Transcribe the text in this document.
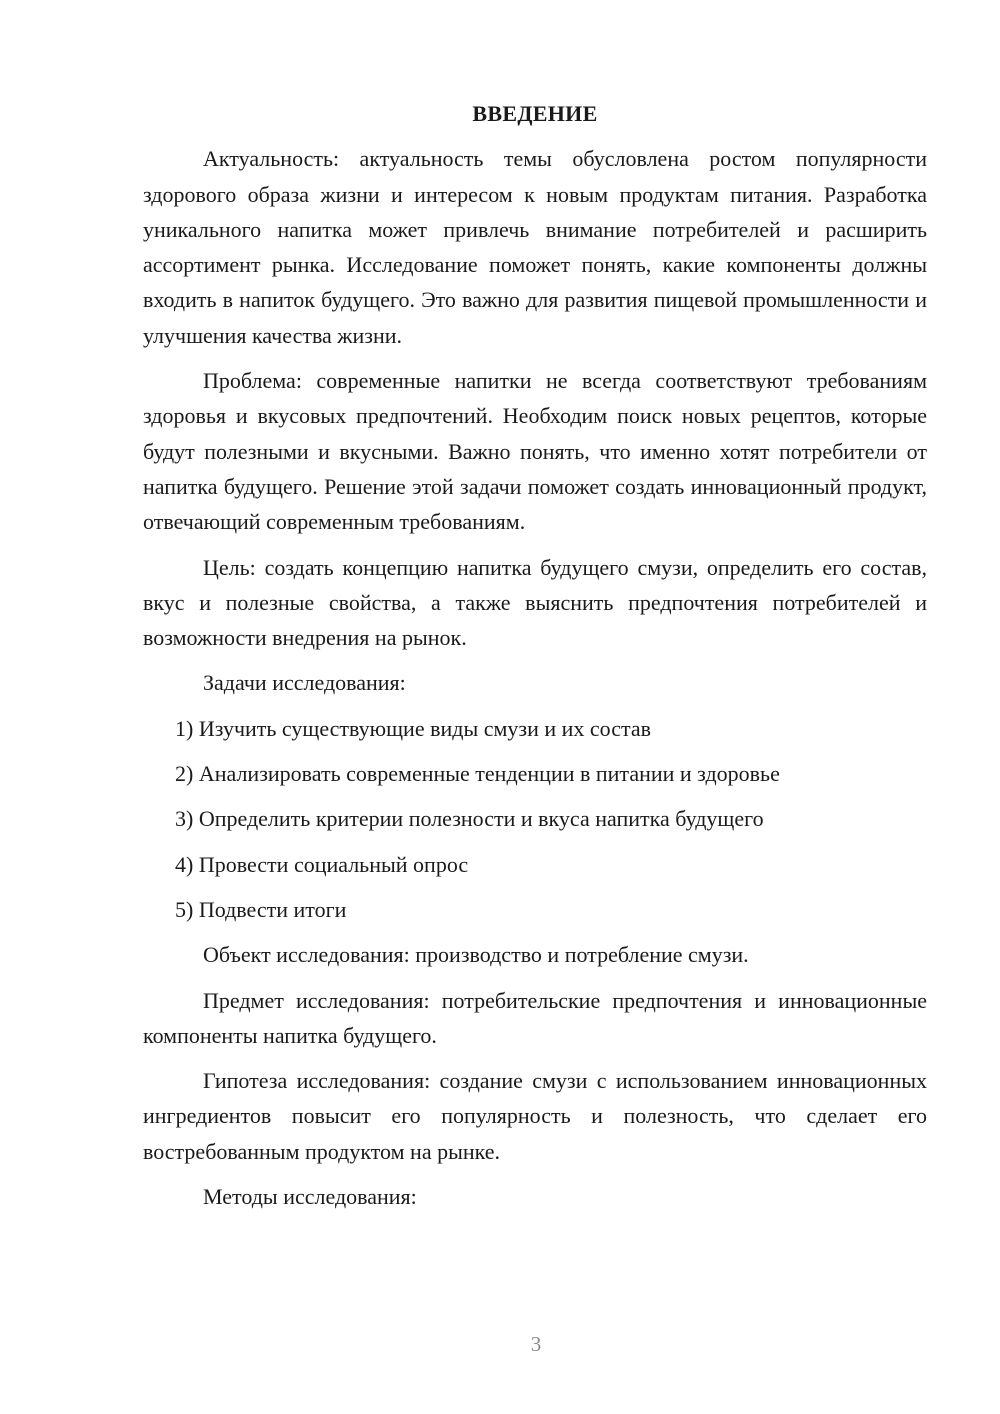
ВВЕДЕНИЕ

Актуальность: актуальность темы обусловлена ростом популярности здорового образа жизни и интересом к новым продуктам питания. Разработка уникального напитка может привлечь внимание потребителей и расширить ассортимент рынка. Исследование поможет понять, какие компоненты должны входить в напиток будущего. Это важно для развития пищевой промышленности и улучшения качества жизни.

Проблема: современные напитки не всегда соответствуют требованиям здоровья и вкусовых предпочтений. Необходим поиск новых рецептов, которые будут полезными и вкусными. Важно понять, что именно хотят потребители от напитка будущего. Решение этой задачи поможет создать инновационный продукт, отвечающий современным требованиям.

Цель: создать концепцию напитка будущего смузи, определить его состав, вкус и полезные свойства, а также выяснить предпочтения потребителей и возможности внедрения на рынок.

Задачи исследования:

1) Изучить существующие виды смузи и их состав
2) Анализировать современные тенденции в питании и здоровье
3) Определить критерии полезности и вкуса напитка будущего
4) Провести социальный опрос
5) Подвести итоги

Объект исследования: производство и потребление смузи.

Предмет исследования: потребительские предпочтения и инновационные компоненты напитка будущего.

Гипотеза исследования: создание смузи с использованием инновационных ингредиентов повысит его популярность и полезность, что сделает его востребованным продуктом на рынке.

Методы исследования:

3
